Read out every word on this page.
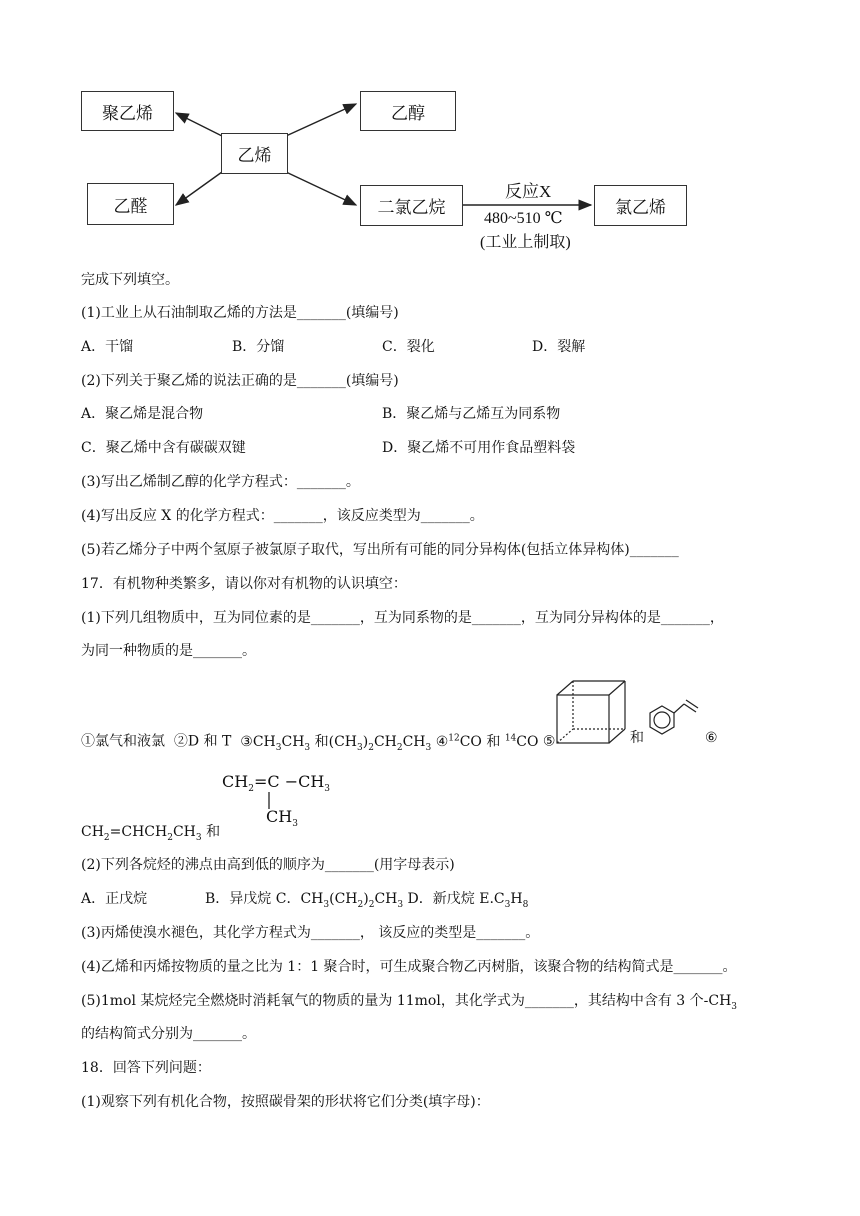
聚乙烯	乙醇
乙烯
乙醛	二氯乙烷	氯乙烯
反应X
480~510 ℃
(工业上制取)
完成下列填空。
(1)工业上从石油制取乙烯的方法是_______(填编号)
A．干馏	B．分馏	C．裂化	D．裂解
(2)下列关于聚乙烯的说法正确的是_______(填编号)
A．聚乙烯是混合物	B．聚乙烯与乙烯互为同系物
C．聚乙烯中含有碳碳双键	D．聚乙烯不可用作食品塑料袋
(3)写出乙烯制乙醇的化学方程式：_______。
(4)写出反应 X 的化学方程式：_______，该反应类型为_______。
(5)若乙烯分子中两个氢原子被氯原子取代，写出所有可能的同分异构体(包括立体异构体)_______
17．有机物种类繁多，请以你对有机物的认识填空：
(1)下列几组物质中，互为同位素的是_______，互为同系物的是_______，互为同分异构体的是_______，
为同一种物质的是_______。
①氯气和液氯 ②D 和 T $③CH_3CH_3$ 和$(CH_3)_2CH_2CH_3$ ④$^{12}$CO 和 $^{14}$CO ⑤	和	⑥
$CH_2=C -CH_3$
$CH_3$
$CH_2=CHCH_2CH_3$ 和
(2)下列各烷烃的沸点由高到低的顺序为_______(用字母表示)
A．正戊烷	B．异戊烷 C．$CH_3(CH_2)_2CH_3$ D．新戊烷 $E.C_3H_8$
(3)丙烯使溴水褪色，其化学方程式为_______， 该反应的类型是_______。
(4)乙烯和丙烯按物质的量之比为 1：1 聚合时，可生成聚合物乙丙树脂，该聚合物的结构简式是_______。
(5)1mol 某烷烃完全燃烧时消耗氧气的物质的量为 11mol，其化学式为_______，其结构中含有 3 个$-CH_3$
的结构简式分别为_______。
18．回答下列问题：
(1)观察下列有机化合物，按照碳骨架的形状将它们分类(填字母)：
